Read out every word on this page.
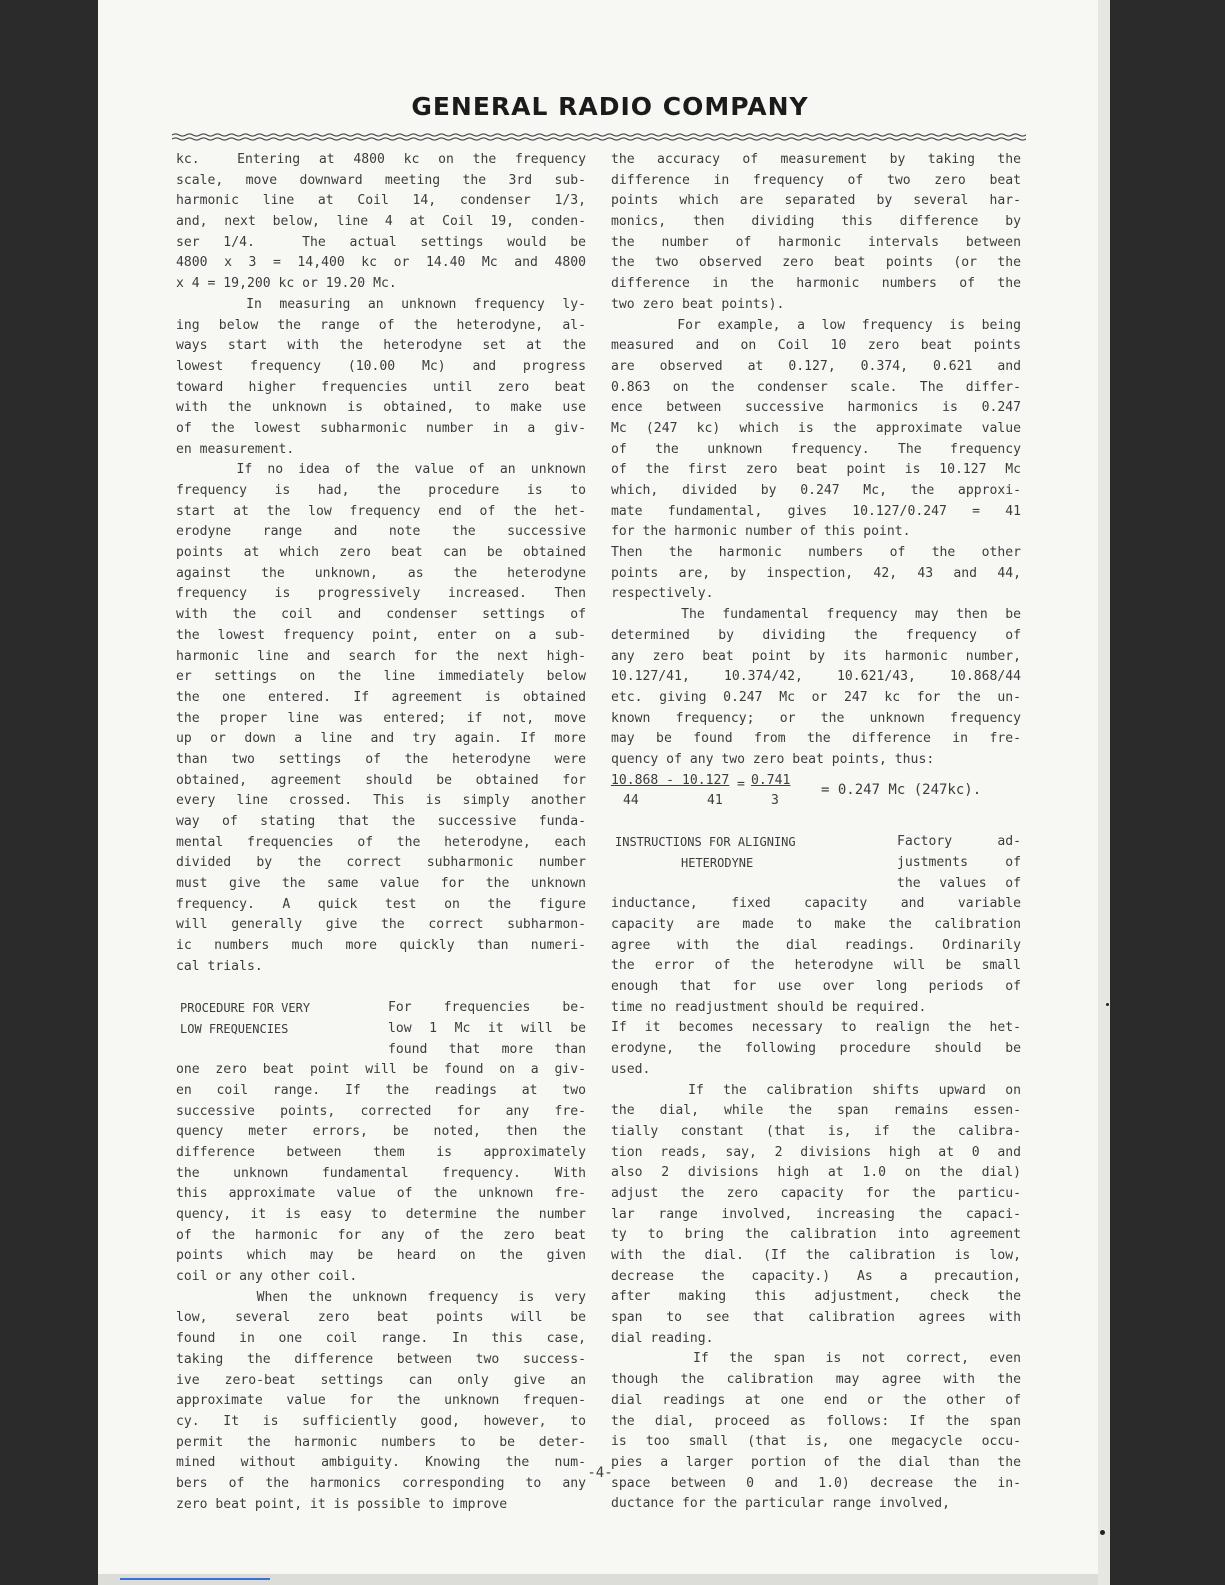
GENERAL RADIO COMPANY
kc.  Entering at 4800 kc on the frequency
scale, move downward meeting the 3rd sub-
harmonic line at Coil 14, condenser 1/3,
and, next below, line 4 at Coil 19, conden-
ser 1/4.  The actual settings would be
4800 x 3 = 14,400 kc or 14.40 Mc and 4800
x 4 = 19,200 kc or 19.20 Mc.
In measuring an unknown frequency ly-
ing below the range of the heterodyne, al-
ways start with the heterodyne set at the
lowest frequency (10.00 Mc) and progress
toward higher frequencies until zero beat
with the unknown is obtained, to make use
of the lowest subharmonic number in a giv-
en measurement.
If no idea of the value of an unknown
frequency is had, the procedure is to
start at the low frequency end of the het-
erodyne range and note the successive
points at which zero beat can be obtained
against the unknown, as the heterodyne
frequency is progressively increased. Then
with the coil and condenser settings of
the lowest frequency point, enter on a sub-
harmonic line and search for the next high-
er settings on the line immediately below
the one entered. If agreement is obtained
the proper line was entered; if not, move
up or down a line and try again. If more
than two settings of the heterodyne were
obtained, agreement should be obtained for
every line crossed. This is simply another
way of stating that the successive funda-
mental frequencies of the heterodyne, each
divided by the correct subharmonic number
must give the same value for the unknown
frequency. A quick test on the figure
will generally give the correct subharmon-
ic numbers much more quickly than numeri-
cal trials.
PROCEDURE FOR VERY
LOW FREQUENCIES
For frequencies be-
low 1 Mc it will be
found that more than
one zero beat point will be found on a giv-
en coil range. If the readings at two
successive points, corrected for any fre-
quency meter errors, be noted, then the
difference between them is approximately
the unknown fundamental frequency. With
this approximate value of the unknown fre-
quency, it is easy to determine the number
of the harmonic for any of the zero beat
points which may be heard on the given
coil or any other coil.
When the unknown frequency is very
low, several zero beat points will be
found in one coil range. In this case,
taking the difference between two success-
ive zero-beat settings can only give an
approximate value for the unknown frequen-
cy. It is sufficiently good, however, to
permit the harmonic numbers to be deter-
mined without ambiguity. Knowing the num-
bers of the harmonics corresponding to any
zero beat point, it is possible to improve
the accuracy of measurement by taking the
difference in frequency of two zero beat
points which are separated by several har-
monics, then dividing this difference by
the number of harmonic intervals between
the two observed zero beat points (or the
difference in the harmonic numbers of the
two zero beat points).
For example, a low frequency is being
measured and on Coil 10 zero beat points
are observed at 0.127, 0.374, 0.621 and
0.863 on the condenser scale. The differ-
ence between successive harmonics is 0.247
Mc (247 kc) which is the approximate value
of the unknown frequency. The frequency
of the first zero beat point is 10.127 Mc
which, divided by 0.247 Mc, the approxi-
mate fundamental, gives 10.127/0.247 = 41
for the harmonic number of this point.
Then the harmonic numbers of the other
points are, by inspection, 42, 43 and 44,
respectively.
The fundamental frequency may then be
determined by dividing the frequency of
any zero beat point by its harmonic number,
10.127/41, 10.374/42, 10.621/43, 10.868/44
etc. giving 0.247 Mc or 247 kc for the un-
known frequency; or the unknown frequency
may be found from the difference in fre-
quency of any two zero beat points, thus:

10.868 - 10.127

=

0.741

44

	41

	3

= 0.247 Mc (247kc).

INSTRUCTIONS FOR ALIGNING
HETERODYNE
Factory ad-
justments of
the values of
inductance, fixed capacity and variable
capacity are made to make the calibration
agree with the dial readings. Ordinarily
the error of the heterodyne will be small
enough that for use over long periods of
time no readjustment should be required.
If it becomes necessary to realign the het-
erodyne, the following procedure should be
used.
If the calibration shifts upward on
the dial, while the span remains essen-
tially constant (that is, if the calibra-
tion reads, say, 2 divisions high at 0 and
also 2 divisions high at 1.0 on the dial)
adjust the zero capacity for the particu-
lar range involved, increasing the capaci-
ty to bring the calibration into agreement
with the dial. (If the calibration is low,
decrease the capacity.) As a precaution,
after making this adjustment, check the
span to see that calibration agrees with
dial reading.
If the span is not correct, even
though the calibration may agree with the
dial readings at one end or the other of
the dial, proceed as follows: If the span
is too small (that is, one megacycle occu-
pies a larger portion of the dial than the
space between 0 and 1.0) decrease the in-
ductance for the particular range involved,
-4-
